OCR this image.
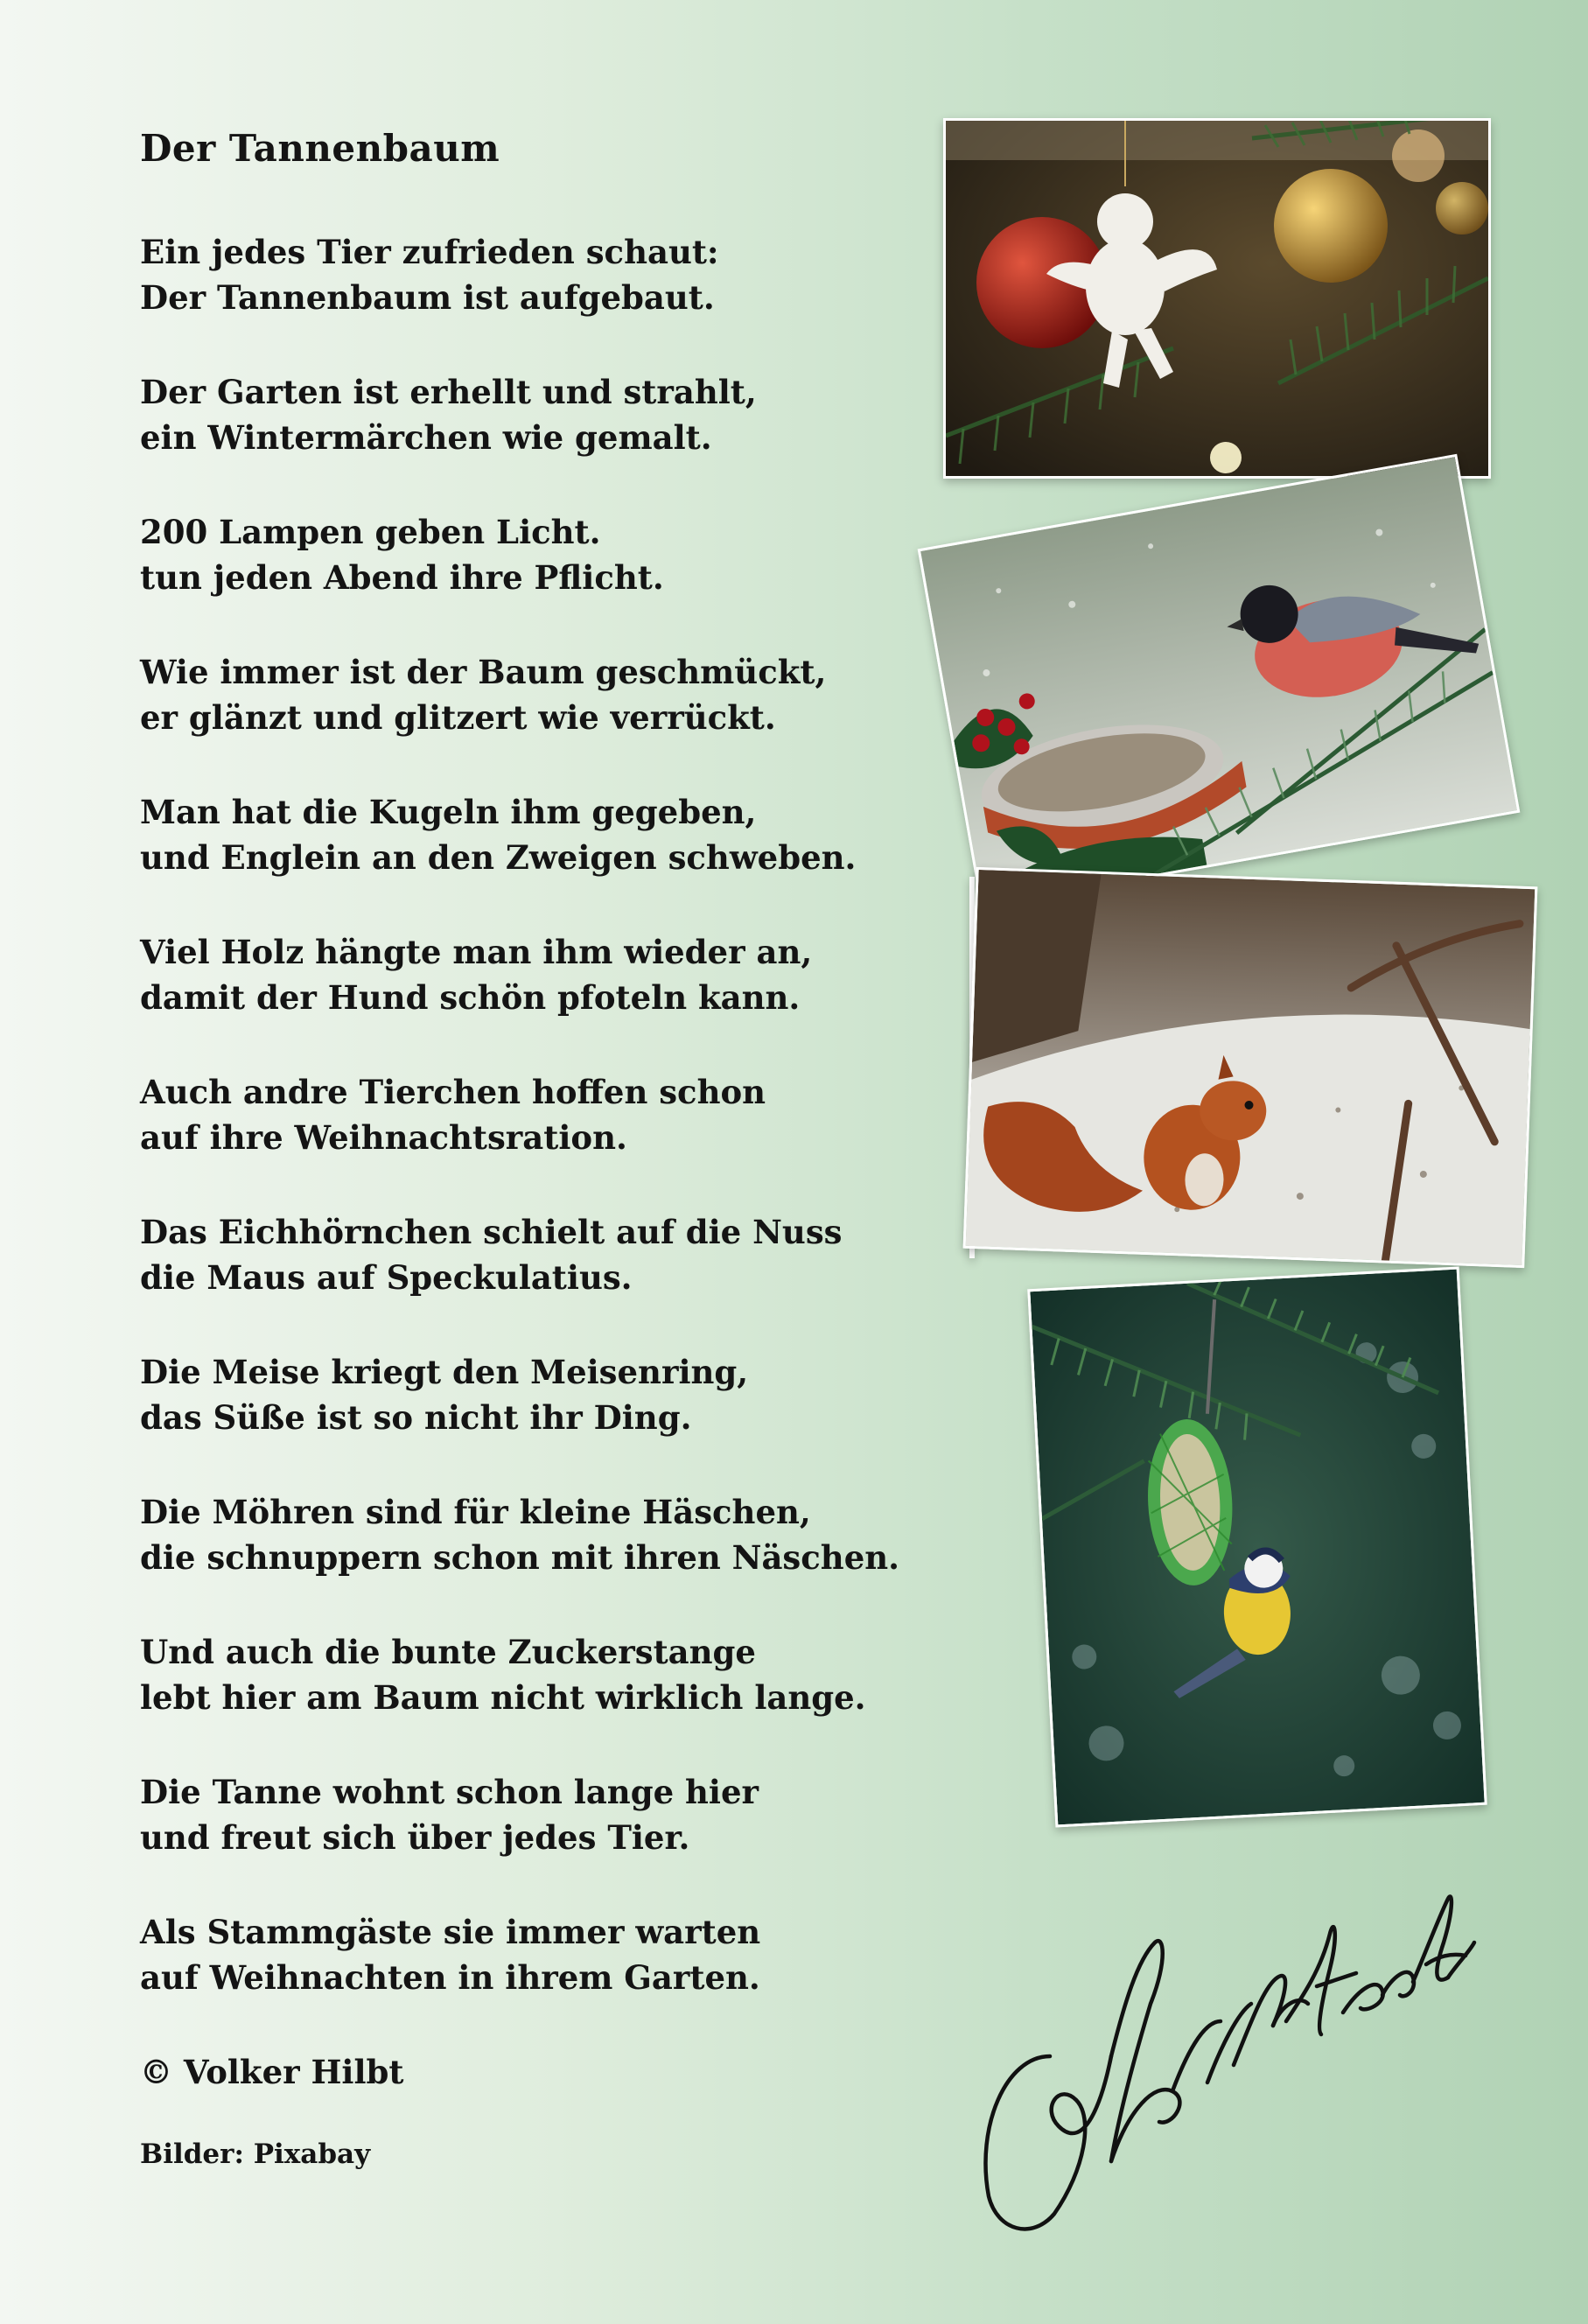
Der Tannenbaum
Ein jedes Tier zufrieden schaut:
Der Tannenbaum ist aufgebaut.
Der Garten ist erhellt und strahlt,
ein Wintermärchen wie gemalt.
200 Lampen geben Licht.
tun jeden Abend ihre Pflicht.
Wie immer ist der Baum geschmückt,
er glänzt und glitzert wie verrückt.
Man hat die Kugeln ihm gegeben,
und Englein an den Zweigen schweben.
Viel Holz hängte man ihm wieder an,
damit der Hund schön pfoteln kann.
Auch andre Tierchen hoffen schon
auf ihre Weihnachtsration.
Das Eichhörnchen schielt auf die Nuss
die Maus auf Speckulatius.
Die Meise kriegt den Meisenring,
das Süße ist so nicht ihr Ding.
Die Möhren sind für kleine Häschen,
die schnuppern schon mit ihren Näschen.
Und auch die bunte Zuckerstange
lebt hier am Baum nicht wirklich lange.
Die Tanne wohnt schon lange hier
und freut sich über jedes Tier.
Als Stammgäste sie immer warten
auf Weihnachten in ihrem Garten.
© Volker Hilbt
Bilder: Pixabay
